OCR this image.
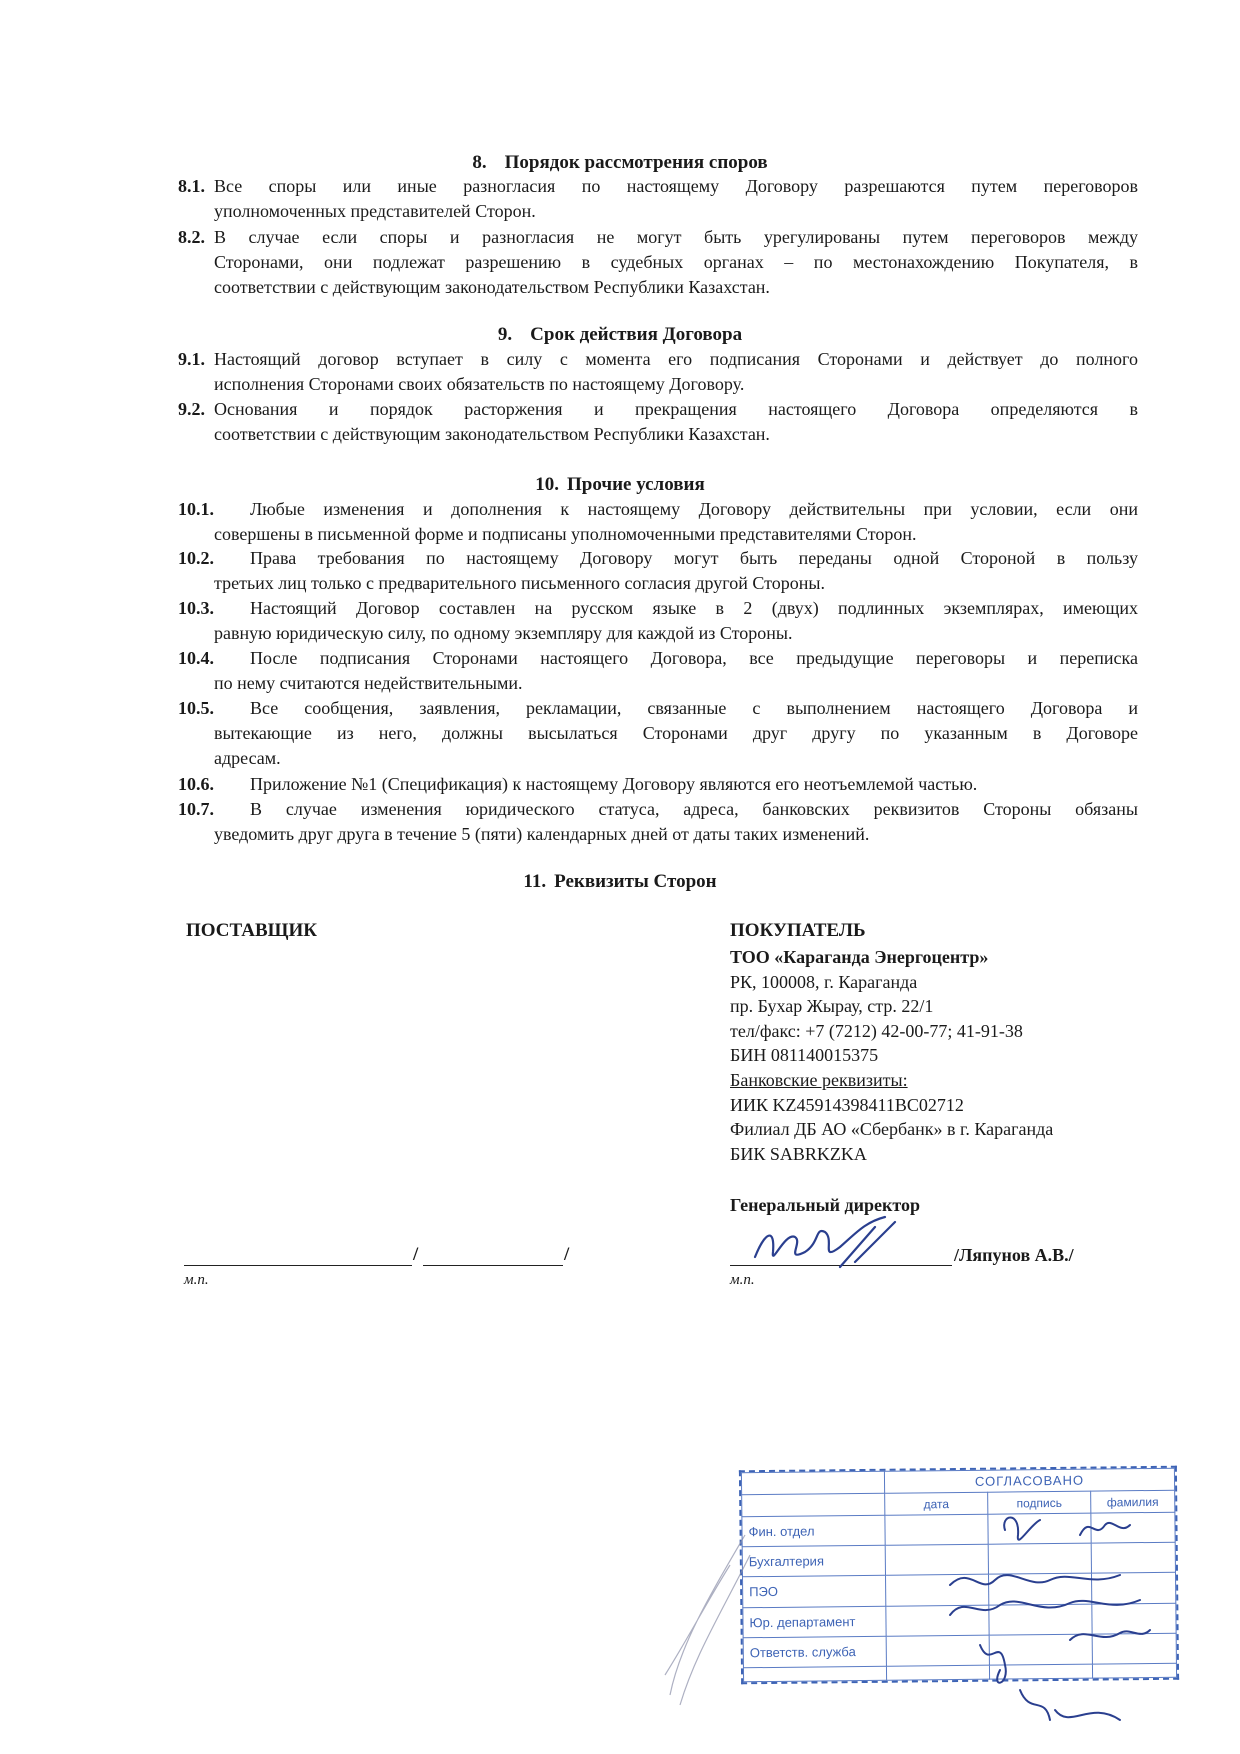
8. Порядок рассмотрения споров
8.1. Все споры или иные разногласия по настоящему Договору разрешаются путем переговоров
уполномоченных представителей Сторон.
8.2. В случае если споры и разногласия не могут быть урегулированы путем переговоров между
Сторонами, они подлежат разрешению в судебных органах – по местонахождению Покупателя, в
соответствии с действующим законодательством Республики Казахстан.
9. Срок действия Договора
9.1. Настоящий договор вступает в силу с момента его подписания Сторонами и действует до полного
исполнения Сторонами своих обязательств по настоящему Договору.
9.2. Основания и порядок расторжения и прекращения настоящего Договора определяются в
соответствии с действующим законодательством Республики Казахстан.
10. Прочие условия
10.1.	Любые изменения и дополнения к настоящему Договору действительны при условии, если они
совершены в письменной форме и подписаны уполномоченными представителями Сторон.
10.2.	Права требования по настоящему Договору могут быть переданы одной Стороной в пользу
третьих лиц только с предварительного письменного согласия другой Стороны.
10.3.	Настоящий Договор составлен на русском языке в 2 (двух) подлинных экземплярах, имеющих
равную юридическую силу, по одному экземпляру для каждой из Стороны.
10.4.	После подписания Сторонами настоящего Договора, все предыдущие переговоры и переписка
по нему считаются недействительными.
10.5.	Все сообщения, заявления, рекламации, связанные с выполнением настоящего Договора и
вытекающие из него, должны высылаться Сторонами друг другу по указанным в Договоре
адресам.
10.6.	Приложение №1 (Спецификация) к настоящему Договору являются его неотъемлемой частью.
10.7.	В случае изменения юридического статуса, адреса, банковских реквизитов Стороны обязаны
уведомить друг друга в течение 5 (пяти) календарных дней от даты таких изменений.
11. Реквизиты Сторон
ПОСТАВЩИК	ПОКУПАТЕЛЬ
ТОО «Караганда Энергоцентр»
РК, 100008, г. Караганда
пр. Бухар Жырау, стр. 22/1
тел/факс: +7 (7212) 42-00-77; 41-91-38
БИН 081140015375
Банковские реквизиты:
ИИК KZ45914398411BC02712
Филиал ДБ АО «Сбербанк» в г. Караганда
БИК SABRKZKA
Генеральный директор
/	/
м.п.
/Ляпунов А.В./
м.п.
	СОГЛАСОВАНО		
	дата	подпись	фамилия
Фин. отдел			
Бухгалтерия			
ПЭО			
Юр. департамент			
Ответств. служба			
